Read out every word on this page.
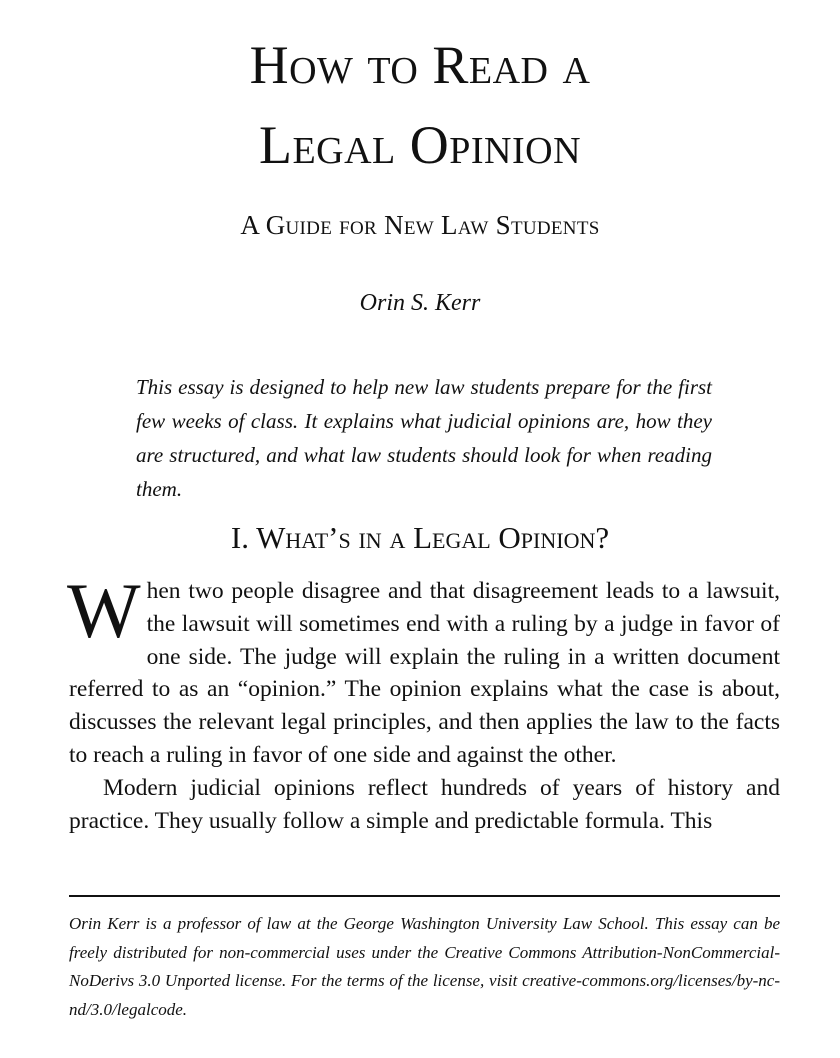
How to Read a
Legal Opinion
A Guide for New Law Students
Orin S. Kerr
This essay is designed to help new law students prepare for the first few weeks of class. It explains what judicial opinions are, how they are structured, and what law students should look for when reading them.
I. What’s in a Legal Opinion?

When two people disagree and that disagreement leads to a lawsuit, the lawsuit will sometimes end with a ruling by a judge in favor of one side. The judge will explain the ruling in a written document referred to as an “opinion.” The opinion explains what the case is about, discusses the relevant legal principles, and then applies the law to the facts to reach a ruling in favor of one side and against the other.

Modern judicial opinions reflect hundreds of years of history and practice. They usually follow a simple and predictable formula. This

Orin Kerr is a professor of law at the George Washington University Law School. This essay can be freely distributed for non-commercial uses under the Creative Commons Attribution-NonCommercial-NoDerivs 3.0 Unported license. For the terms of the license, visit creative-commons.org/licenses/by-nc-nd/3.0/legalcode.
